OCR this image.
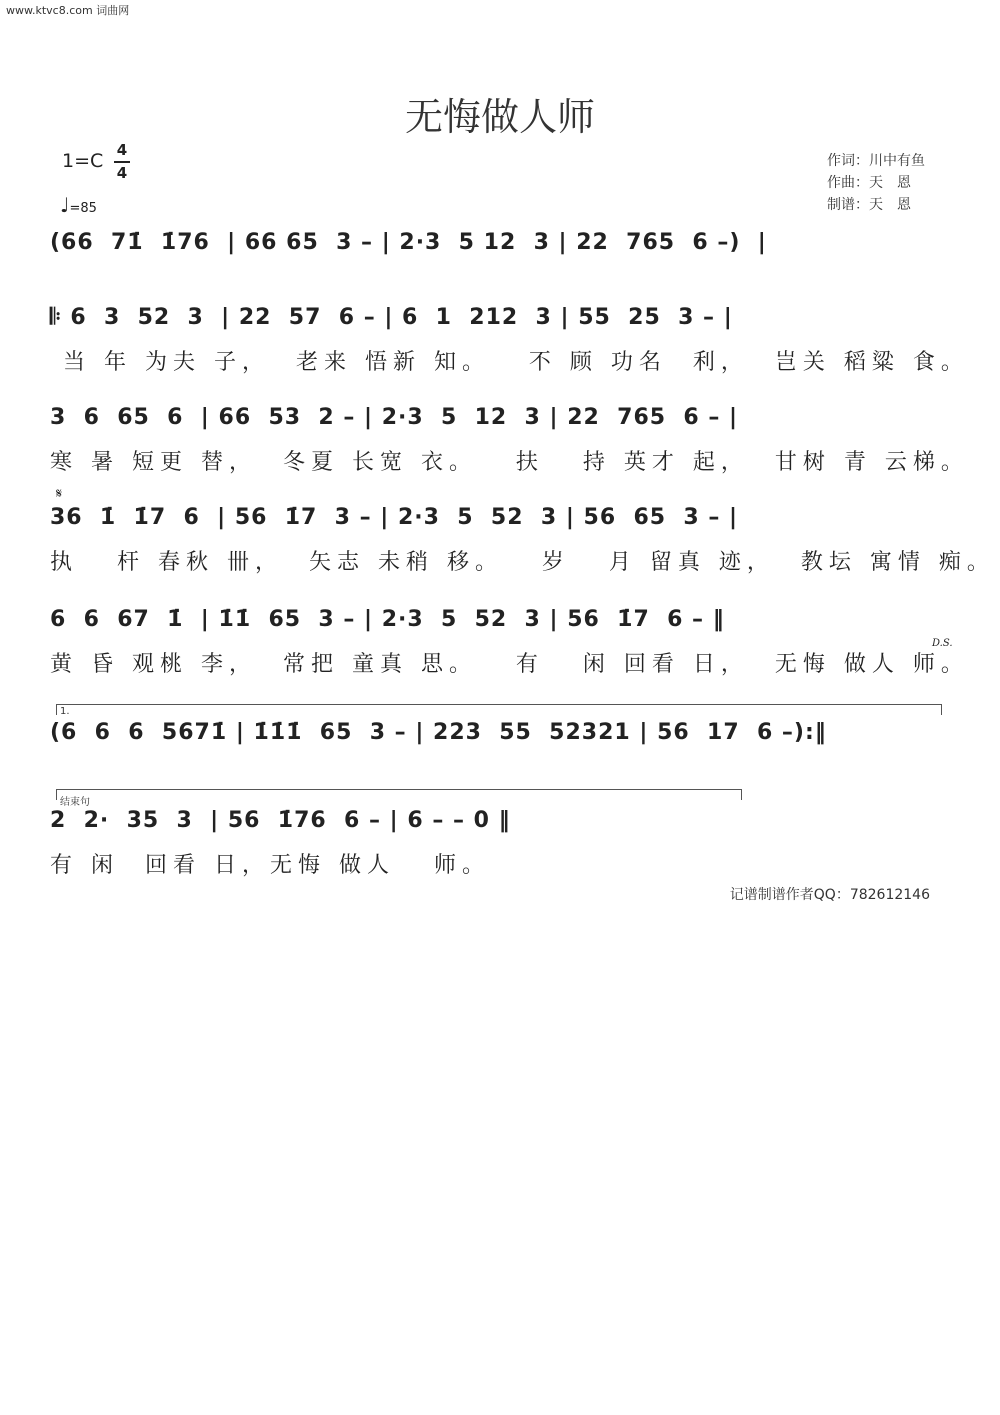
www.ktvc8.com 词曲网
无悔做人师
1=C 4
4
♩=85
作词：川中有鱼
作曲：天　恩
制谱：天　恩
(66  71̇  1̇76  | 66 65  3 – | 2·3  5 12  3 | 22  765  6 –)  |
𝄆 6  3  52  3  | 22  57  6 – | 6  1  212  3 | 55  25  3 – |
当 年 为夫 子，  老来 悟新 知。   不 顾 功名  利，  岂关 稻粱 食。
3  6  65  6  | 66  53  2 – | 2·3  5  12  3 | 22  765  6 – |
寒 暑 短更 替，  冬夏 长宽 衣。   扶   持 英才 起，  甘树 青 云梯。
𝄋
36  1̇  1̇7  6  | 56  1̇7  3 – | 2·3  5  52  3 | 56  65  3 – |
执   杆 春秋 卌，  矢志 未稍 移。   岁   月 留真 迹，  教坛 寓情 痴。
6  6  67  1̇  | 1̇1̇  65  3 – | 2·3  5  52  3 | 56  1̇7  6 – ‖
黄 昏 观桃 李，  常把 童真 思。   有   闲 回看 日，  无悔 做人 师。
D.S.
1.
(6  6  6  5671̇ | 1̇1̇1̇  65  3 – | 223  55  52321 | 56  17  6 –):‖
结束句
2  2·  35  3  | 56  1̇76  6 – | 6 – – 0 ‖
有 闲  回看 日，无悔 做人   师。
记谱制谱作者QQ：782612146
